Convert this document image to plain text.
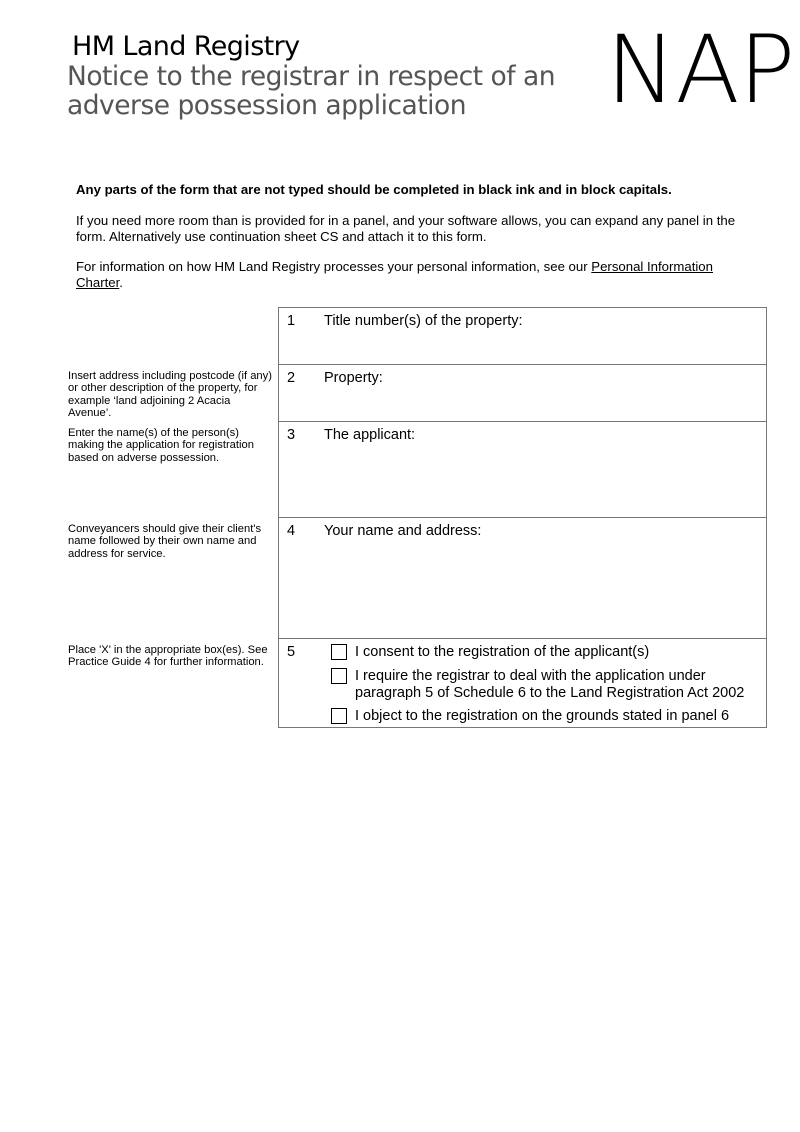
HM Land Registry
Notice to the registrar in respect of an
adverse possession application	NAP
Any parts of the form that are not typed should be completed in black ink and in block capitals.
If you need more room than is provided for in a panel, and your software allows, you can expand any panel in the form. Alternatively use continuation sheet CS and attach it to this form.
For information on how HM Land Registry processes your personal information, see our Personal Information Charter.
Insert address including postcode (if any) or other description of the property, for example ‘land adjoining 2 Acacia Avenue’.
Enter the name(s) of the person(s) making the application for registration based on adverse possession.
Conveyancers should give their client's name followed by their own name and address for service.
Place 'X' in the appropriate box(es). See Practice Guide 4 for further information.
1 Title number(s) of the property:
2 Property:
3 The applicant:
4 Your name and address:
5	I consent to the registration of the applicant(s)
I require the registrar to deal with the application under
paragraph 5 of Schedule 6 to the Land Registration Act 2002
I object to the registration on the grounds stated in panel 6
